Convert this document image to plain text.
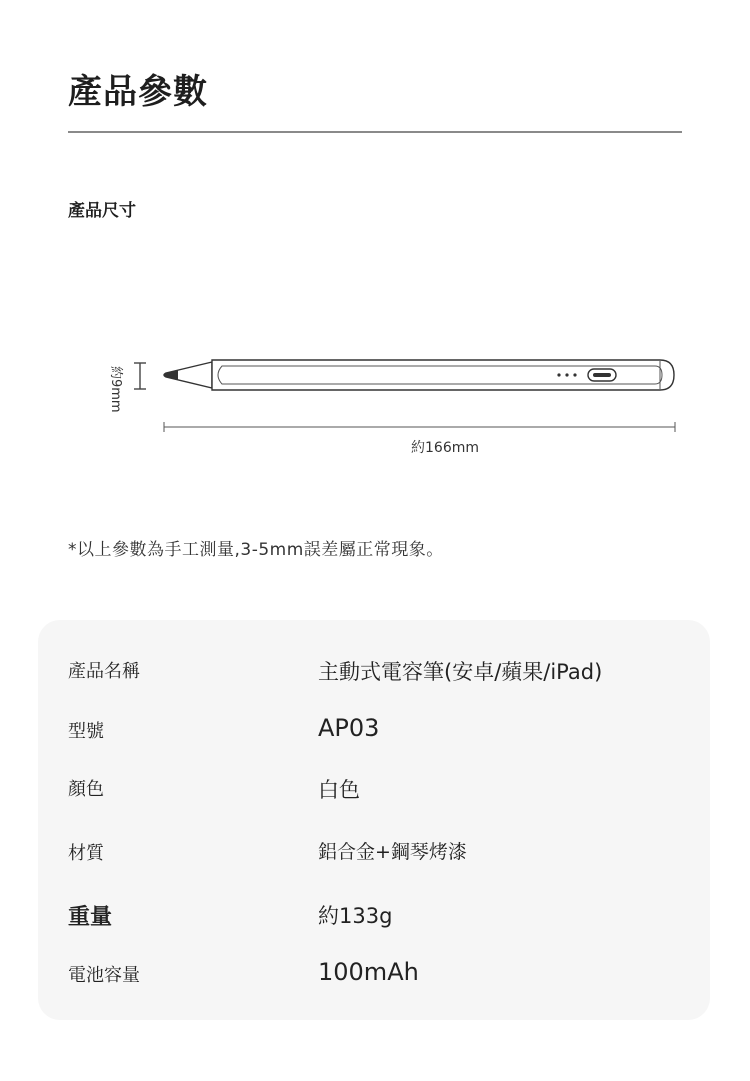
產品參數
產品尺寸
約9mm
約166mm
*以上參數為手工測量,3-5mm誤差屬正常現象。
產品名稱	主動式電容筆(安卓/蘋果/iPad)
型號	AP03
顏色	白色
材質	鋁合金+鋼琴烤漆
重量	約133g
電池容量	100mAh
